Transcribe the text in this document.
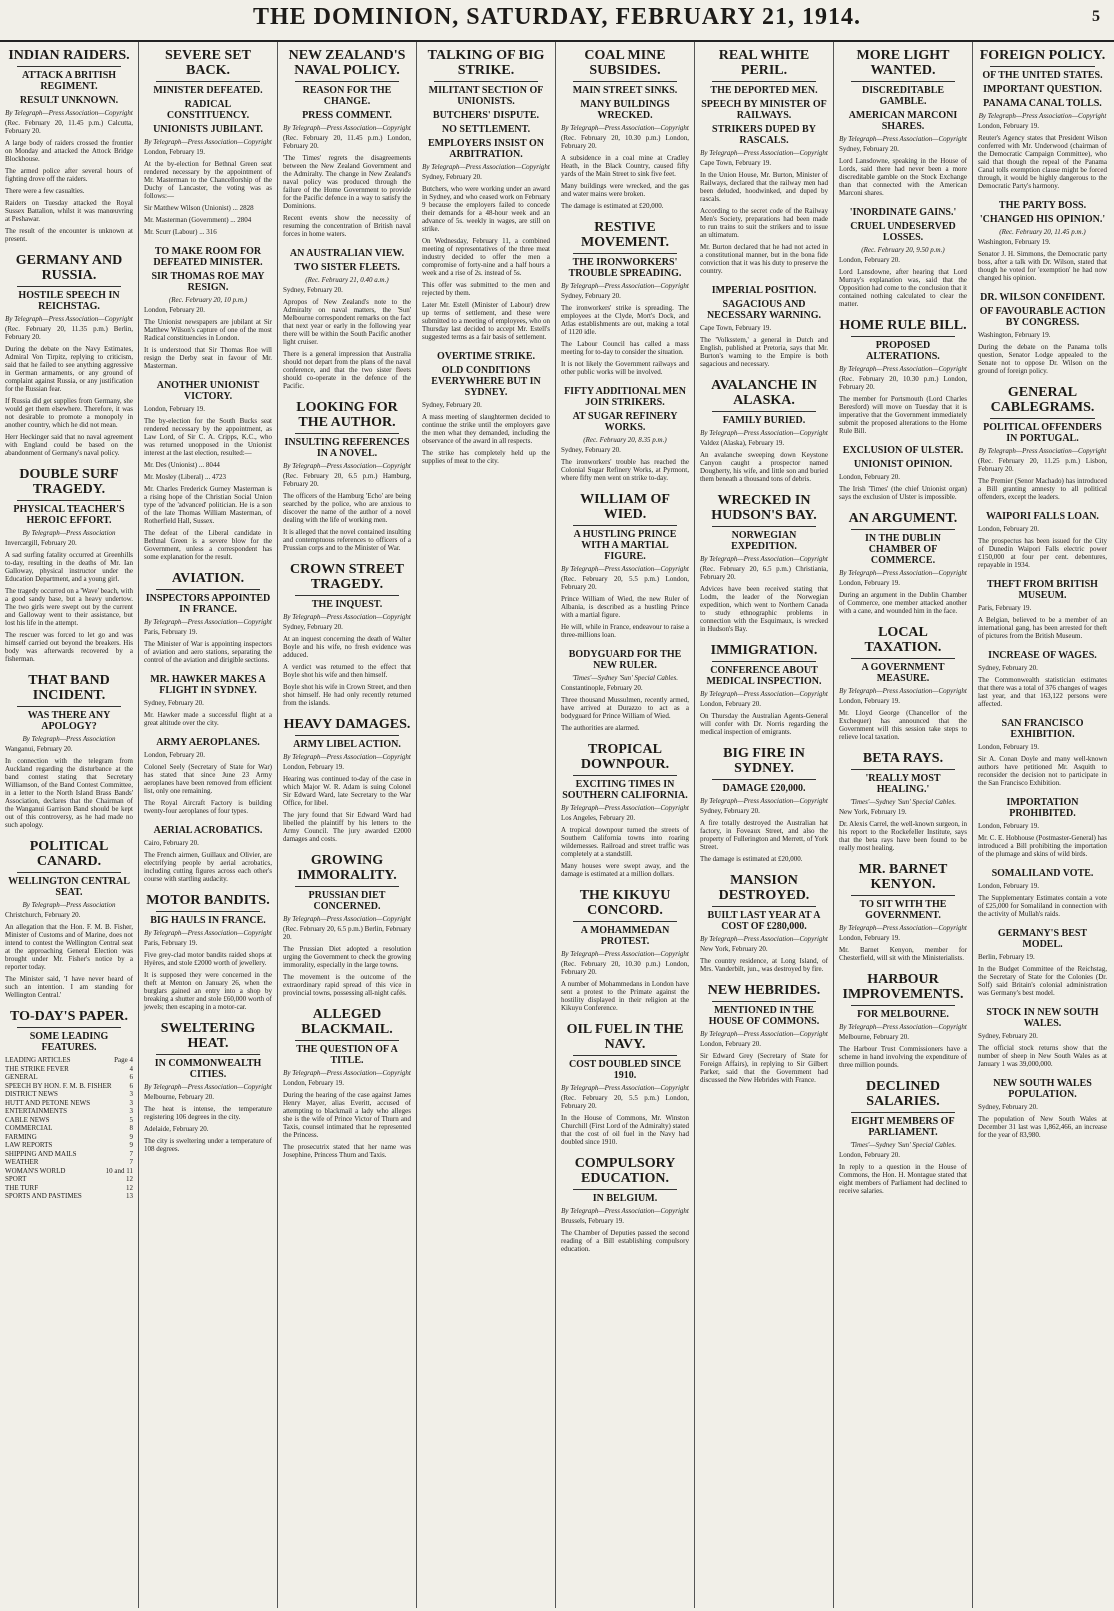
THE DOMINION, SATURDAY, FEBRUARY 21, 1914.	5
INDIAN RAIDERS.
ATTACK A BRITISH REGIMENT.
RESULT UNKNOWN.
By Telegraph—Press Association—Copyright

(Rec. February 20, 11.45 p.m.) Calcutta, February 20.

A large body of raiders crossed the frontier on Monday and attacked the Attock Bridge Blockhouse.

The armed police after several hours of fighting drove off the raiders.

There were a few casualties.

Raiders on Tuesday attacked the Royal Sussex Battalion, whilst it was manœuvring at Peshawar.

The result of the encounter is unknown at present.

GERMANY AND RUSSIA.
HOSTILE SPEECH IN REICHSTAG.
By Telegraph—Press Association—Copyright

(Rec. February 20, 11.35 p.m.) Berlin, February 20.

During the debate on the Navy Estimates, Admiral Von Tirpitz, replying to criticism, said that he failed to see anything aggressive in German armaments, or any ground of complaint against Russia, or any justification for the Russian fear.

If Russia did get supplies from Germany, she would get them elsewhere. Therefore, it was not desirable to promote a monopoly in another country, which he did not mean.

Herr Heckinger said that no naval agreement with England could be based on the abandonment of Germany's naval policy.

DOUBLE SURF TRAGEDY.
PHYSICAL TEACHER'S HEROIC EFFORT.
By Telegraph—Press Association

Invercargill, February 20.

A sad surfing fatality occurred at Greenhills to-day, resulting in the deaths of Mr. Ian Galloway, physical instructor under the Education Department, and a young girl.

The tragedy occurred on a 'Wave' beach, with a good sandy base, but a heavy undertow. The two girls were swept out by the current and Galloway went to their assistance, but lost his life in the attempt.

The rescuer was forced to let go and was himself carried out beyond the breakers. His body was afterwards recovered by a fisherman.

THAT BAND INCIDENT.
WAS THERE ANY APOLOGY?
By Telegraph—Press Association

Wanganui, February 20.

In connection with the telegram from Auckland regarding the disturbance at the band contest stating that Secretary Williamson, of the Band Contest Committee, in a letter to the North Island Brass Bands' Association, declares that the Chairman of the Wanganui Garrison Band should be kept out of this controversy, as he had made no such apology.

POLITICAL CANARD.
WELLINGTON CENTRAL SEAT.
By Telegraph—Press Association

Christchurch, February 20.

An allegation that the Hon. F. M. B. Fisher, Minister of Customs and of Marine, does not intend to contest the Wellington Central seat at the approaching General Election was brought under Mr. Fisher's notice by a reporter today.

The Minister said, 'I have never heard of such an intention. I am standing for Wellington Central.'

TO-DAY'S PAPER.
SOME LEADING FEATURES.
LEADING ARTICLES	Page 4
THE STRIKE FEVER	4
GENERAL	6
SPEECH BY HON. F. M. B. FISHER	6
DISTRICT NEWS	3
HUTT AND PETONE NEWS	3
ENTERTAINMENTS	3
CABLE NEWS	5
COMMERCIAL	8
FARMING	9
LAW REPORTS	9
SHIPPING AND MAILS	7
WEATHER	7
WOMAN'S WORLD	10 and 11
SPORT	12
THE TURF	12
SPORTS AND PASTIMES	13
SEVERE SET BACK.
MINISTER DEFEATED.
RADICAL CONSTITUENCY.
UNIONISTS JUBILANT.
By Telegraph—Press Association—Copyright

London, February 19.

At the by-election for Bethnal Green seat rendered necessary by the appointment of Mr. Masterman to the Chancellorship of the Duchy of Lancaster, the voting was as follows:—

Sir Matthew Wilson (Unionist) ... 2828

Mr. Masterman (Government) ... 2804

Mr. Scurr (Labour) ... 316

TO MAKE ROOM FOR DEFEATED MINISTER.
SIR THOMAS ROE MAY RESIGN.
(Rec. February 20, 10 p.m.)

London, February 20.

The Unionist newspapers are jubilant at Sir Matthew Wilson's capture of one of the most Radical constituencies in London.

It is understood that Sir Thomas Roe will resign the Derby seat in favour of Mr. Masterman.

ANOTHER UNIONIST VICTORY.

London, February 19.

The by-election for the South Bucks seat rendered necessary by the appointment, as Law Lord, of Sir C. A. Cripps, K.C., who was returned unopposed in the Unionist interest at the last election, resulted:—

Mr. Des (Unionist) ... 8044

Mr. Mosley (Liberal) ... 4723

Mr. Charles Frederick Gurney Masterman is a rising hope of the Christian Social Union type of the 'advanced' politician. He is a son of the late Thomas William Masterman, of Rotherfield Hall, Sussex.

The defeat of the Liberal candidate in Bethnal Green is a severe blow for the Government, unless a correspondent has some explanation for the result.

AVIATION.
INSPECTORS APPOINTED IN FRANCE.
By Telegraph—Press Association—Copyright

Paris, February 19.

The Minister of War is appointing inspectors of aviation and aero stations, separating the control of the aviation and dirigible sections.

MR. HAWKER MAKES A FLIGHT IN SYDNEY.

Sydney, February 20.

Mr. Hawker made a successful flight at a great altitude over the city.

ARMY AEROPLANES.

London, February 20.

Colonel Seely (Secretary of State for War) has stated that since June 23 Army aeroplanes have been removed from efficient list, only one remaining.

The Royal Aircraft Factory is building twenty-four aeroplanes of four types.

AERIAL ACROBATICS.

Cairo, February 20.

The French airmen, Guillaux and Olivier, are electrifying people by aerial acrobatics, including cutting figures across each other's course with startling audacity.

MOTOR BANDITS.
BIG HAULS IN FRANCE.
By Telegraph—Press Association—Copyright

Paris, February 19.

Five grey-clad motor bandits raided shops at Hyères, and stole £2000 worth of jewellery.

It is supposed they were concerned in the theft at Menton on January 26, when the burglars gained an entry into a shop by breaking a shutter and stole £60,000 worth of jewels; then escaping in a motor-car.

SWELTERING HEAT.
IN COMMONWEALTH CITIES.
By Telegraph—Press Association—Copyright

Melbourne, February 20.

The heat is intense, the temperature registering 106 degrees in the city.

Adelaide, February 20.

The city is sweltering under a temperature of 108 degrees.

NEW ZEALAND'S NAVAL POLICY.
REASON FOR THE CHANGE.
PRESS COMMENT.
By Telegraph—Press Association—Copyright

(Rec. February 20, 11.45 p.m.) London, February 20.

'The Times' regrets the disagreements between the New Zealand Government and the Admiralty. The change in New Zealand's naval policy was produced through the failure of the Home Government to provide for the Pacific defence in a way to satisfy the Dominions.

Recent events show the necessity of resuming the concentration of British naval forces in home waters.

AN AUSTRALIAN VIEW.
TWO SISTER FLEETS.
(Rec. February 21, 0.40 a.m.)

Sydney, February 20.

Apropos of New Zealand's note to the Admiralty on naval matters, the 'Sun' Melbourne correspondent remarks on the fact that next year or early in the following year there will be within the South Pacific another light cruiser.

There is a general impression that Australia should not depart from the plans of the naval conference, and that the two sister fleets should co-operate in the defence of the Pacific.

LOOKING FOR THE AUTHOR.
INSULTING REFERENCES IN A NOVEL.
By Telegraph—Press Association—Copyright

(Rec. February 20, 6.5 p.m.) Hamburg, February 20.

The officers of the Hamburg 'Echo' are being searched by the police, who are anxious to discover the name of the author of a novel dealing with the life of working men.

It is alleged that the novel contained insulting and contemptuous references to officers of a Prussian corps and to the Minister of War.

CROWN STREET TRAGEDY.
THE INQUEST.
By Telegraph—Press Association—Copyright

Sydney, February 20.

At an inquest concerning the death of Walter Boyle and his wife, no fresh evidence was adduced.

A verdict was returned to the effect that Boyle shot his wife and then himself.

Boyle shot his wife in Crown Street, and then shot himself. He had only recently returned from the islands.

HEAVY DAMAGES.
ARMY LIBEL ACTION.
By Telegraph—Press Association—Copyright

London, February 19.

Hearing was continued to-day of the case in which Major W. R. Adam is suing Colonel Sir Edward Ward, late Secretary to the War Office, for libel.

The jury found that Sir Edward Ward had libelled the plaintiff by his letters to the Army Council. The jury awarded £2000 damages and costs.

GROWING IMMORALITY.
PRUSSIAN DIET CONCERNED.
By Telegraph—Press Association—Copyright

(Rec. February 20, 6.5 p.m.) Berlin, February 20.

The Prussian Diet adopted a resolution urging the Government to check the growing immorality, especially in the large towns.

The movement is the outcome of the extraordinary rapid spread of this vice in provincial towns, possessing all-night cafés.

ALLEGED BLACKMAIL.
THE QUESTION OF A TITLE.
By Telegraph—Press Association—Copyright

London, February 19.

During the hearing of the case against James Henry Mayer, alias Everitt, accused of attempting to blackmail a lady who alleges she is the wife of Prince Victor of Thurn and Taxis, counsel intimated that he represented the Princess.

The prosecutrix stated that her name was Josephine, Princess Thurn and Taxis.

TALKING OF BIG STRIKE.
MILITANT SECTION OF UNIONISTS.
BUTCHERS' DISPUTE.
NO SETTLEMENT.
EMPLOYERS INSIST ON ARBITRATION.
By Telegraph—Press Association—Copyright

Sydney, February 20.

Butchers, who were working under an award in Sydney, and who ceased work on February 9 because the employers failed to concede their demands for a 48-hour week and an advance of 5s. weekly in wages, are still on strike.

On Wednesday, February 11, a combined meeting of representatives of the three meat industry decided to offer the men a compromise of forty-nine and a half hours a week and a rise of 2s. instead of 5s.

This offer was submitted to the men and rejected by them.

Later Mr. Estell (Minister of Labour) drew up terms of settlement, and these were submitted to a meeting of employees, who on Thursday last decided to accept Mr. Estell's suggested terms as a fair basis of settlement.

OVERTIME STRIKE.
OLD CONDITIONS EVERYWHERE BUT IN SYDNEY.

Sydney, February 20.

A mass meeting of slaughtermen decided to continue the strike until the employers gave the men what they demanded, including the observance of the award in all respects.

The strike has completely held up the supplies of meat to the city.

COAL MINE SUBSIDES.
MAIN STREET SINKS.
MANY BUILDINGS WRECKED.
By Telegraph—Press Association—Copyright

(Rec. February 20, 10.30 p.m.) London, February 20.

A subsidence in a coal mine at Cradley Heath, in the Black Country, caused fifty yards of the Main Street to sink five feet.

Many buildings were wrecked, and the gas and water mains were broken.

The damage is estimated at £20,000.

RESTIVE MOVEMENT.
THE IRONWORKERS' TROUBLE SPREADING.
By Telegraph—Press Association—Copyright

Sydney, February 20.

The ironworkers' strike is spreading. The employees at the Clyde, Mort's Dock, and Atlas establishments are out, making a total of 1120 idle.

The Labour Council has called a mass meeting for to-day to consider the situation.

It is not likely the Government railways and other public works will be involved.

FIFTY ADDITIONAL MEN JOIN STRIKERS.
AT SUGAR REFINERY WORKS.
(Rec. February 20, 8.35 p.m.)

Sydney, February 20.

The ironworkers' trouble has reached the Colonial Sugar Refinery Works, at Pyrmont, where fifty men went on strike to-day.

WILLIAM OF WIED.
A HUSTLING PRINCE WITH A MARTIAL FIGURE.
By Telegraph—Press Association—Copyright

(Rec. February 20, 5.5 p.m.) London, February 20.

Prince William of Wied, the new Ruler of Albania, is described as a hustling Prince with a martial figure.

He will, while in France, endeavour to raise a three-millions loan.

BODYGUARD FOR THE NEW RULER.
'Times'—Sydney 'Sun' Special Cables.

Constantinople, February 20.

Three thousand Mussulmen, recently armed, have arrived at Durazzo to act as a bodyguard for Prince William of Wied.

The authorities are alarmed.

TROPICAL DOWNPOUR.
EXCITING TIMES IN SOUTHERN CALIFORNIA.
By Telegraph—Press Association—Copyright

Los Angeles, February 20.

A tropical downpour turned the streets of Southern California towns into roaring wildernesses. Railroad and street traffic was completely at a standstill.

Many houses were swept away, and the damage is estimated at a million dollars.

THE KIKUYU CONCORD.
A MOHAMMEDAN PROTEST.
By Telegraph—Press Association—Copyright

(Rec. February 20, 10.30 p.m.) London, February 20.

A number of Mohammedans in London have sent a protest to the Primate against the hostility displayed in their religion at the Kikuyu Conference.

OIL FUEL IN THE NAVY.
COST DOUBLED SINCE 1910.
By Telegraph—Press Association—Copyright

(Rec. February 20, 5.5 p.m.) London, February 20.

In the House of Commons, Mr. Winston Churchill (First Lord of the Admiralty) stated that the cost of oil fuel in the Navy had doubled since 1910.

COMPULSORY EDUCATION.
IN BELGIUM.
By Telegraph—Press Association—Copyright

Brussels, February 19.

The Chamber of Deputies passed the second reading of a Bill establishing compulsory education.

REAL WHITE PERIL.
THE DEPORTED MEN.
SPEECH BY MINISTER OF RAILWAYS.
STRIKERS DUPED BY RASCALS.
By Telegraph—Press Association—Copyright

Cape Town, February 19.

In the Union House, Mr. Burton, Minister of Railways, declared that the railway men had been deluded, hoodwinked, and duped by rascals.

According to the secret code of the Railway Men's Society, preparations had been made to run trains to suit the strikers and to issue an ultimatum.

Mr. Burton declared that he had not acted in a constitutional manner, but in the bona fide conviction that it was his duty to preserve the country.

IMPERIAL POSITION.
SAGACIOUS AND NECESSARY WARNING.

Cape Town, February 19.

The 'Volksstem,' a general in Dutch and English, published at Pretoria, says that Mr. Burton's warning to the Empire is both sagacious and necessary.

AVALANCHE IN ALASKA.
FAMILY BURIED.
By Telegraph—Press Association—Copyright

Valdez (Alaska), February 19.

An avalanche sweeping down Keystone Canyon caught a prospector named Dougherty, his wife, and little son and buried them beneath a thousand tons of debris.

WRECKED IN HUDSON'S BAY.
NORWEGIAN EXPEDITION.
By Telegraph—Press Association—Copyright

(Rec. February 20, 6.5 p.m.) Christiania, February 20.

Advices have been received stating that Lodm, the leader of the Norwegian expedition, which went to Northern Canada to study ethnographic problems in connection with the Esquimaux, is wrecked in Hudson's Bay.

IMMIGRATION.
CONFERENCE ABOUT MEDICAL INSPECTION.
By Telegraph—Press Association—Copyright

London, February 20.

On Thursday the Australian Agents-General will confer with Dr. Norris regarding the medical inspection of emigrants.

BIG FIRE IN SYDNEY.
DAMAGE £20,000.
By Telegraph—Press Association—Copyright

Sydney, February 20.

A fire totally destroyed the Australian hat factory, in Foveaux Street, and also the property of Fullerington and Merrett, of York Street.

The damage is estimated at £20,000.

MANSION DESTROYED.
BUILT LAST YEAR AT A COST OF £280,000.
By Telegraph—Press Association—Copyright

New York, February 20.

The country residence, at Long Island, of Mrs. Vanderbilt, jun., was destroyed by fire.

NEW HEBRIDES.
MENTIONED IN THE HOUSE OF COMMONS.
By Telegraph—Press Association—Copyright

London, February 20.

Sir Edward Grey (Secretary of State for Foreign Affairs), in replying to Sir Gilbert Parker, said that the Government had discussed the New Hebrides with France.

MORE LIGHT WANTED.
DISCREDITABLE GAMBLE.
AMERICAN MARCONI SHARES.
By Telegraph—Press Association—Copyright

Sydney, February 20.

Lord Lansdowne, speaking in the House of Lords, said there had never been a more discreditable gamble on the Stock Exchange than that connected with the American Marconi shares.

'INORDINATE GAINS.'
CRUEL UNDESERVED LOSSES.
(Rec. February 20, 9.50 p.m.)

London, February 20.

Lord Lansdowne, after hearing that Lord Murray's explanation was, said that the Opposition had come to the conclusion that it contained nothing calculated to clear the matter.

HOME RULE BILL.
PROPOSED ALTERATIONS.
By Telegraph—Press Association—Copyright

(Rec. February 20, 10.30 p.m.) London, February 20.

The member for Portsmouth (Lord Charles Beresford) will move on Tuesday that it is imperative that the Government immediately submit the proposed alterations to the Home Rule Bill.

EXCLUSION OF ULSTER.
UNIONIST OPINION.

London, February 20.

The Irish 'Times' (the chief Unionist organ) says the exclusion of Ulster is impossible.

AN ARGUMENT.
IN THE DUBLIN CHAMBER OF COMMERCE.
By Telegraph—Press Association—Copyright

London, February 19.

During an argument in the Dublin Chamber of Commerce, one member attacked another with a cane, and wounded him in the face.

LOCAL TAXATION.
A GOVERNMENT MEASURE.
By Telegraph—Press Association—Copyright

London, February 19.

Mr. Lloyd George (Chancellor of the Exchequer) has announced that the Government will this session take steps to relieve local taxation.

BETA RAYS.
'REALLY MOST HEALING.'
'Times'—Sydney 'Sun' Special Cables.

New York, February 19.

Dr. Alexis Carrel, the well-known surgeon, in his report to the Rockefeller Institute, says that the beta rays have been found to be really most healing.

MR. BARNET KENYON.
TO SIT WITH THE GOVERNMENT.
By Telegraph—Press Association—Copyright

London, February 19.

Mr. Barnet Kenyon, member for Chesterfield, will sit with the Ministerialists.

HARBOUR IMPROVEMENTS.
FOR MELBOURNE.
By Telegraph—Press Association—Copyright

Melbourne, February 20.

The Harbour Trust Commissioners have a scheme in hand involving the expenditure of three million pounds.

DECLINED SALARIES.
EIGHT MEMBERS OF PARLIAMENT.
'Times'—Sydney 'Sun' Special Cables.

London, February 20.

In reply to a question in the House of Commons, the Hon. H. Montague stated that eight members of Parliament had declined to receive salaries.

FOREIGN POLICY.
OF THE UNITED STATES.
IMPORTANT QUESTION.
PANAMA CANAL TOLLS.
By Telegraph—Press Association—Copyright

London, February 19.

Reuter's Agency states that President Wilson conferred with Mr. Underwood (chairman of the Democratic Campaign Committee), who said that though the repeal of the Panama Canal tolls exemption clause might be forced through, it would be highly dangerous to the Democratic Party's harmony.

THE PARTY BOSS.
'CHANGED HIS OPINION.'
(Rec. February 20, 11.45 p.m.)

Washington, February 19.

Senator J. H. Simmons, the Democratic party boss, after a talk with Dr. Wilson, stated that though he voted for 'exemption' he had now changed his opinion.

DR. WILSON CONFIDENT.
OF FAVOURABLE ACTION BY CONGRESS.

Washington, February 19.

During the debate on the Panama tolls question, Senator Lodge appealed to the Senate not to oppose Dr. Wilson on the ground of foreign policy.

GENERAL CABLEGRAMS.
POLITICAL OFFENDERS IN PORTUGAL.
By Telegraph—Press Association—Copyright

(Rec. February 20, 11.25 p.m.) Lisbon, February 20.

The Premier (Senor Machado) has introduced a Bill granting amnesty to all political offenders, except the leaders.

WAIPORI FALLS LOAN.

London, February 20.

The prospectus has been issued for the City of Dunedin Waipori Falls electric power £150,000 at four per cent. debentures, repayable in 1934.

THEFT FROM BRITISH MUSEUM.

Paris, February 19.

A Belgian, believed to be a member of an international gang, has been arrested for theft of pictures from the British Museum.

INCREASE OF WAGES.

Sydney, February 20.

The Commonwealth statistician estimates that there was a total of 376 changes of wages last year, and that 163,122 persons were affected.

SAN FRANCISCO EXHIBITION.

London, February 19.

Sir A. Conan Doyle and many well-known authors have petitioned Mr. Asquith to reconsider the decision not to participate in the San Francisco Exhibition.

IMPORTATION PROHIBITED.

London, February 19.

Mr. C. E. Hobhouse (Postmaster-General) has introduced a Bill prohibiting the importation of the plumage and skins of wild birds.

SOMALILAND VOTE.

London, February 19.

The Supplementary Estimates contain a vote of £25,000 for Somaliland in connection with the activity of Mullah's raids.

GERMANY'S BEST MODEL.

Berlin, February 19.

In the Budget Committee of the Reichstag, the Secretary of State for the Colonies (Dr. Solf) said Britain's colonial administration was Germany's best model.

STOCK IN NEW SOUTH WALES.

Sydney, February 20.

The official stock returns show that the number of sheep in New South Wales as at January 1 was 39,000,000.

NEW SOUTH WALES POPULATION.

Sydney, February 20.

The population of New South Wales at December 31 last was 1,862,466, an increase for the year of 83,980.
